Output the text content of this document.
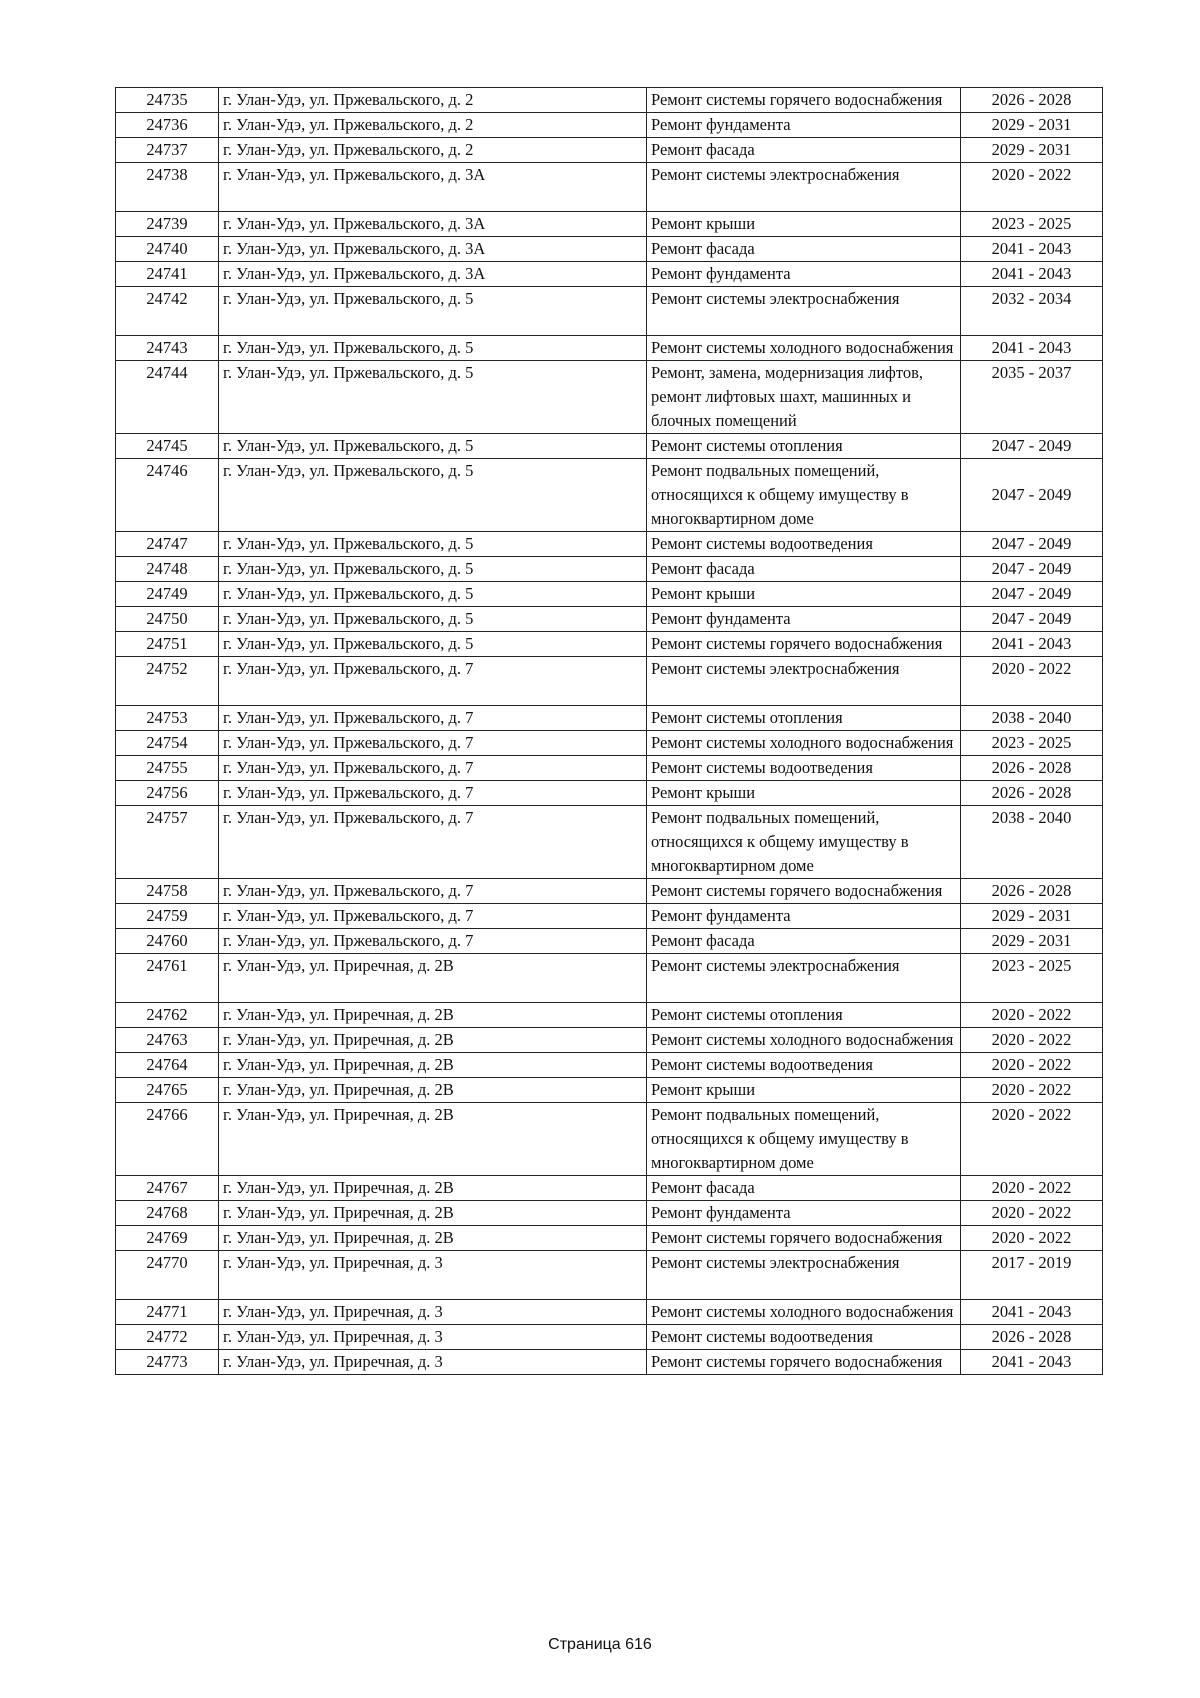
24735	г. Улан-Удэ, ул. Пржевальского, д. 2	Ремонт системы горячего водоснабжения	2026 - 2028
24736	г. Улан-Удэ, ул. Пржевальского, д. 2	Ремонт фундамента	2029 - 2031
24737	г. Улан-Удэ, ул. Пржевальского, д. 2	Ремонт фасада	2029 - 2031
24738	г. Улан-Удэ, ул. Пржевальского, д. 3А	Ремонт системы электроснабжения	2020 - 2022
24739	г. Улан-Удэ, ул. Пржевальского, д. 3А	Ремонт крыши	2023 - 2025
24740	г. Улан-Удэ, ул. Пржевальского, д. 3А	Ремонт фасада	2041 - 2043
24741	г. Улан-Удэ, ул. Пржевальского, д. 3А	Ремонт фундамента	2041 - 2043
24742	г. Улан-Удэ, ул. Пржевальского, д. 5	Ремонт системы электроснабжения	2032 - 2034
24743	г. Улан-Удэ, ул. Пржевальского, д. 5	Ремонт системы холодного водоснабжения	2041 - 2043
24744	г. Улан-Удэ, ул. Пржевальского, д. 5	Ремонт, замена, модернизация лифтов, ремонт лифтовых шахт, машинных и блочных помещений	2035 - 2037
24745	г. Улан-Удэ, ул. Пржевальского, д. 5	Ремонт системы отопления	2047 - 2049
24746	г. Улан-Удэ, ул. Пржевальского, д. 5	Ремонт подвальных помещений, относящихся к общему имуществу в многоквартирном доме	2047 - 2049
24747	г. Улан-Удэ, ул. Пржевальского, д. 5	Ремонт системы водоотведения	2047 - 2049
24748	г. Улан-Удэ, ул. Пржевальского, д. 5	Ремонт фасада	2047 - 2049
24749	г. Улан-Удэ, ул. Пржевальского, д. 5	Ремонт крыши	2047 - 2049
24750	г. Улан-Удэ, ул. Пржевальского, д. 5	Ремонт фундамента	2047 - 2049
24751	г. Улан-Удэ, ул. Пржевальского, д. 5	Ремонт системы горячего водоснабжения	2041 - 2043
24752	г. Улан-Удэ, ул. Пржевальского, д. 7	Ремонт системы электроснабжения	2020 - 2022
24753	г. Улан-Удэ, ул. Пржевальского, д. 7	Ремонт системы отопления	2038 - 2040
24754	г. Улан-Удэ, ул. Пржевальского, д. 7	Ремонт системы холодного водоснабжения	2023 - 2025
24755	г. Улан-Удэ, ул. Пржевальского, д. 7	Ремонт системы водоотведения	2026 - 2028
24756	г. Улан-Удэ, ул. Пржевальского, д. 7	Ремонт крыши	2026 - 2028
24757	г. Улан-Удэ, ул. Пржевальского, д. 7	Ремонт подвальных помещений, относящихся к общему имуществу в многоквартирном доме	2038 - 2040
24758	г. Улан-Удэ, ул. Пржевальского, д. 7	Ремонт системы горячего водоснабжения	2026 - 2028
24759	г. Улан-Удэ, ул. Пржевальского, д. 7	Ремонт фундамента	2029 - 2031
24760	г. Улан-Удэ, ул. Пржевальского, д. 7	Ремонт фасада	2029 - 2031
24761	г. Улан-Удэ, ул. Приречная, д. 2В	Ремонт системы электроснабжения	2023 - 2025
24762	г. Улан-Удэ, ул. Приречная, д. 2В	Ремонт системы отопления	2020 - 2022
24763	г. Улан-Удэ, ул. Приречная, д. 2В	Ремонт системы холодного водоснабжения	2020 - 2022
24764	г. Улан-Удэ, ул. Приречная, д. 2В	Ремонт системы водоотведения	2020 - 2022
24765	г. Улан-Удэ, ул. Приречная, д. 2В	Ремонт крыши	2020 - 2022
24766	г. Улан-Удэ, ул. Приречная, д. 2В	Ремонт подвальных помещений, относящихся к общему имуществу в многоквартирном доме	2020 - 2022
24767	г. Улан-Удэ, ул. Приречная, д. 2В	Ремонт фасада	2020 - 2022
24768	г. Улан-Удэ, ул. Приречная, д. 2В	Ремонт фундамента	2020 - 2022
24769	г. Улан-Удэ, ул. Приречная, д. 2В	Ремонт системы горячего водоснабжения	2020 - 2022
24770	г. Улан-Удэ, ул. Приречная, д. 3	Ремонт системы электроснабжения	2017 - 2019
24771	г. Улан-Удэ, ул. Приречная, д. 3	Ремонт системы холодного водоснабжения	2041 - 2043
24772	г. Улан-Удэ, ул. Приречная, д. 3	Ремонт системы водоотведения	2026 - 2028
24773	г. Улан-Удэ, ул. Приречная, д. 3	Ремонт системы горячего водоснабжения	2041 - 2043
Страница 616
